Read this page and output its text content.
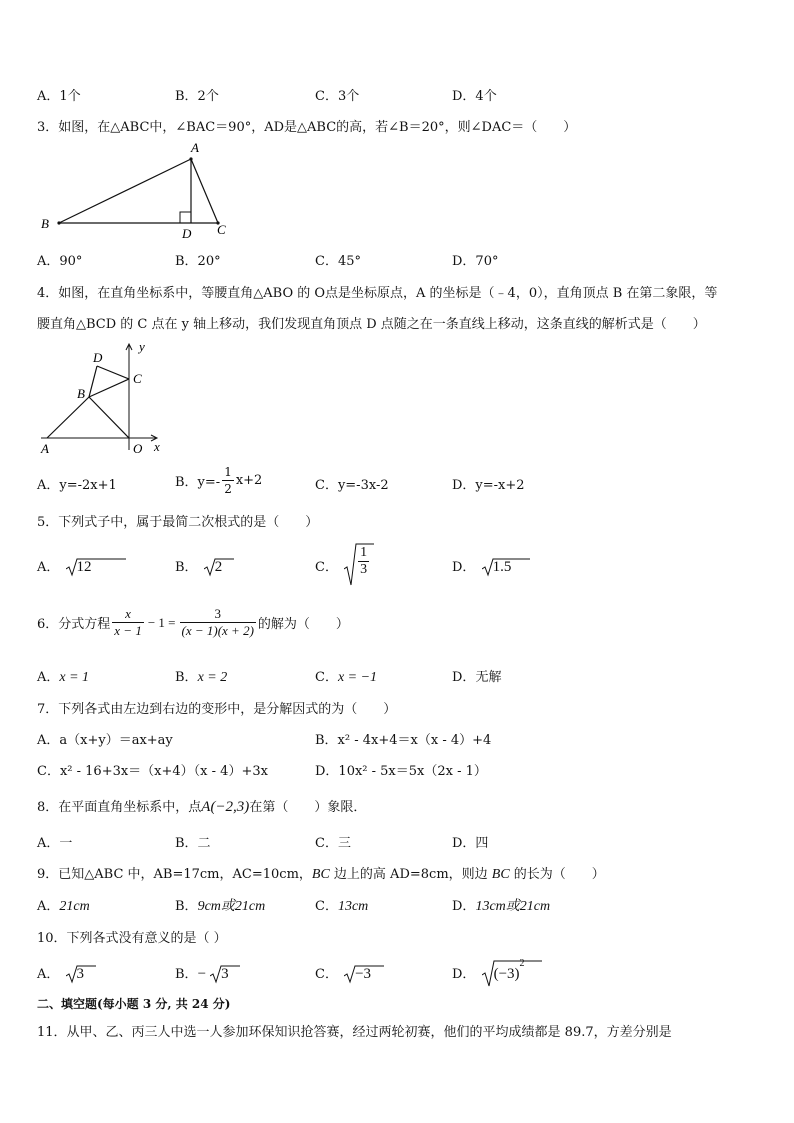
A．1个	B．2个	C．3个	D．4个
3．如图，在△ABC中，∠BAC＝90°，AD是△ABC的高，若∠B＝20°，则∠DAC＝（　　）
A
B
D C
A．90°	B．20°	C．45°	D．70°
4．如图，在直角坐标系中，等腰直角△ABO 的 O点是坐标原点，A 的坐标是（﹣4，0），直角顶点 B 在第二象限，等
腰直角△BCD 的 C 点在 y 轴上移动，我们发现直角顶点 D 点随之在一条直线上移动，这条直线的解析式是（　　）
D
C
B
y
A	O x
A．y=-2x+1	B．$y=- \frac{1}{2} x+2$	C．y=-3x-2	D．y=-x+2
5．下列式子中，属于最简二次根式的是（　　）
A． 12	B． 2	C． $\frac{1}{3}$	D． 1.5
6．分式方程 $\frac{x}{x - 1} - 1 = \frac{3}{(x - 1)(x + 2)}$ 的解为（　　）
A．x = 1	B．x = 2	C．x = −1	D．无解
7．下列各式由左边到右边的变形中，是分解因式的为（　　）
A．a（x+y）＝ax+ay	B．x² - 4x+4＝x（x - 4）+4
C．x² - 16+3x＝（x+4）（x - 4）+3x	D．10x² - 5x＝5x（2x - 1）
8．在平面直角坐标系中，点A(−2,3)在第（　　）象限．
A．一	B．二	C．三	D．四
9．已知△ABC 中，AB=17cm，AC=10cm，BC 边上的高 AD=8cm，则边 BC 的长为（　　）
A．21cm	B．9cm或21cm	C．13cm	D．13cm或21cm
10．下列各式没有意义的是（ ）
A． 3	B．− 3	C． −3	D． $(-3)^2$
二、填空题(每小题 3 分, 共 24 分)
11．从甲、乙、丙三人中选一人参加环保知识抢答赛，经过两轮初赛，他们的平均成绩都是 89.7，方差分别是
